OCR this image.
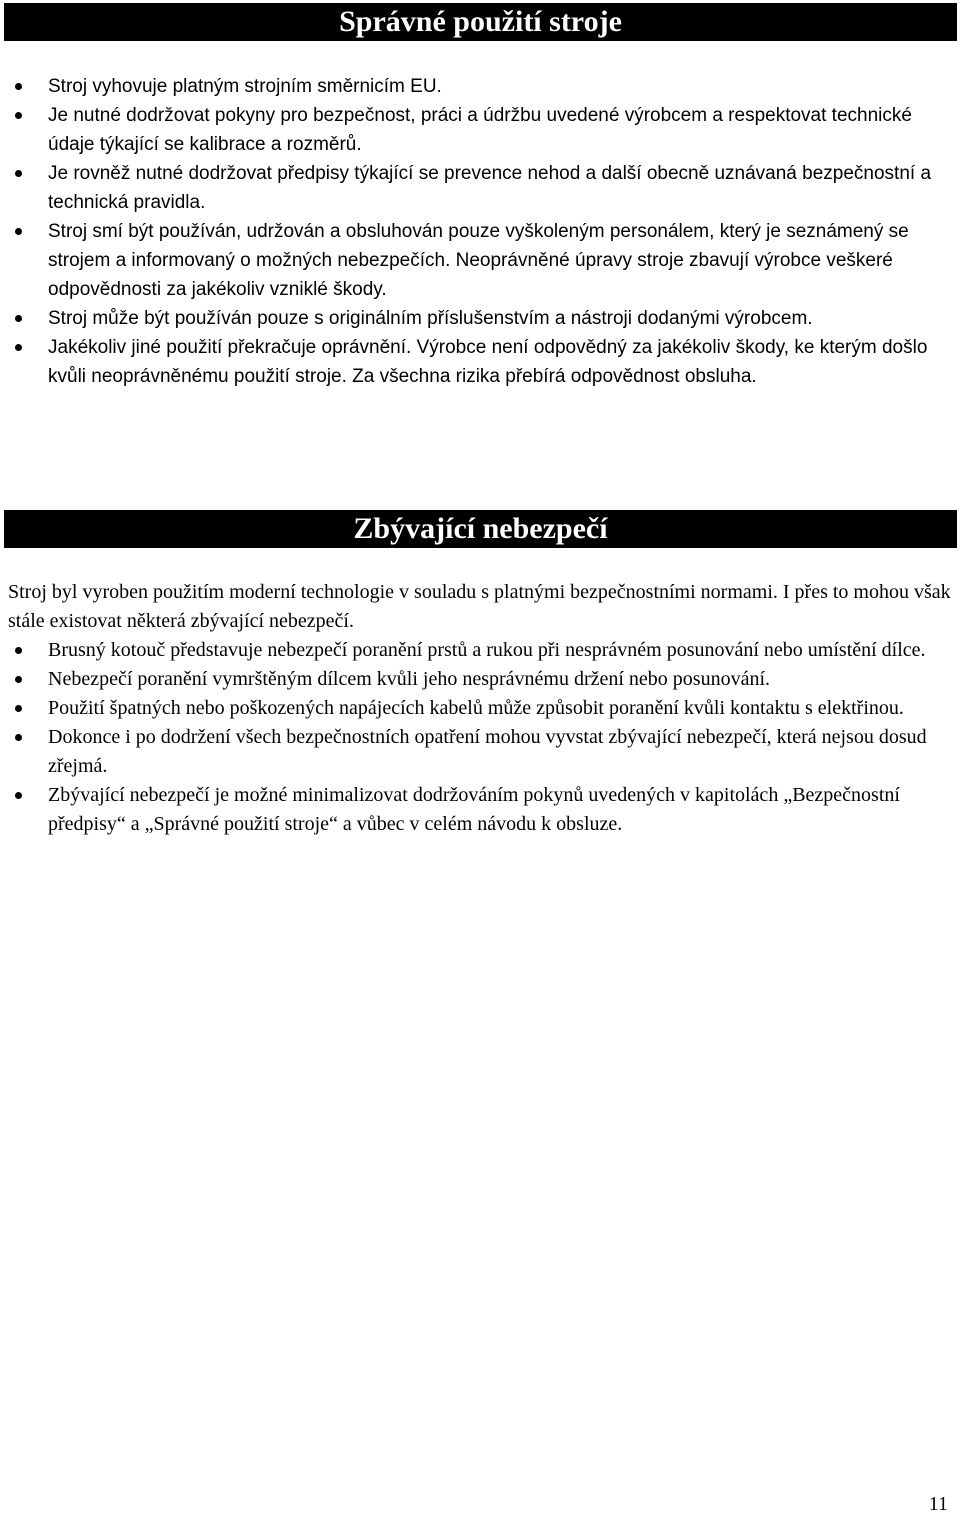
Správné použití stroje
Stroj vyhovuje platným strojním směrnicím EU.
Je nutné dodržovat pokyny pro bezpečnost, práci a údržbu uvedené výrobcem a respektovat technické údaje týkající se kalibrace a rozměrů.
Je rovněž nutné dodržovat předpisy týkající se prevence nehod a další obecně uznávaná bezpečnostní a technická pravidla.
Stroj smí být používán, udržován a obsluhován pouze vyškoleným personálem, který je seznámený se strojem a informovaný o možných nebezpečích. Neoprávněné úpravy stroje zbavují výrobce veškeré odpovědnosti za jakékoliv vzniklé škody.
Stroj může být používán pouze s originálním příslušenstvím a nástroji dodanými výrobcem.
Jakékoliv jiné použití překračuje oprávnění. Výrobce není odpovědný za jakékoliv škody, ke kterým došlo kvůli neoprávněnému použití stroje. Za všechna rizika přebírá odpovědnost obsluha.
Zbývající nebezpečí

Stroj byl vyroben použitím moderní technologie v souladu s platnými bezpečnostními normami. I přes to mohou však stále existovat některá zbývající nebezpečí.

Brusný kotouč představuje nebezpečí poranění prstů a rukou při nesprávném posunování nebo umístění dílce.
Nebezpečí poranění vymrštěným dílcem kvůli jeho nesprávnému držení nebo posunování.
Použití špatných nebo poškozených napájecích kabelů může způsobit poranění kvůli kontaktu s elektřinou.
Dokonce i po dodržení všech bezpečnostních opatření mohou vyvstat zbývající nebezpečí, která nejsou dosud zřejmá.
Zbývající nebezpečí je možné minimalizovat dodržováním pokynů uvedených v kapitolách „Bezpečnostní předpisy“ a „Správné použití stroje“ a vůbec v celém návodu k obsluze.
11
